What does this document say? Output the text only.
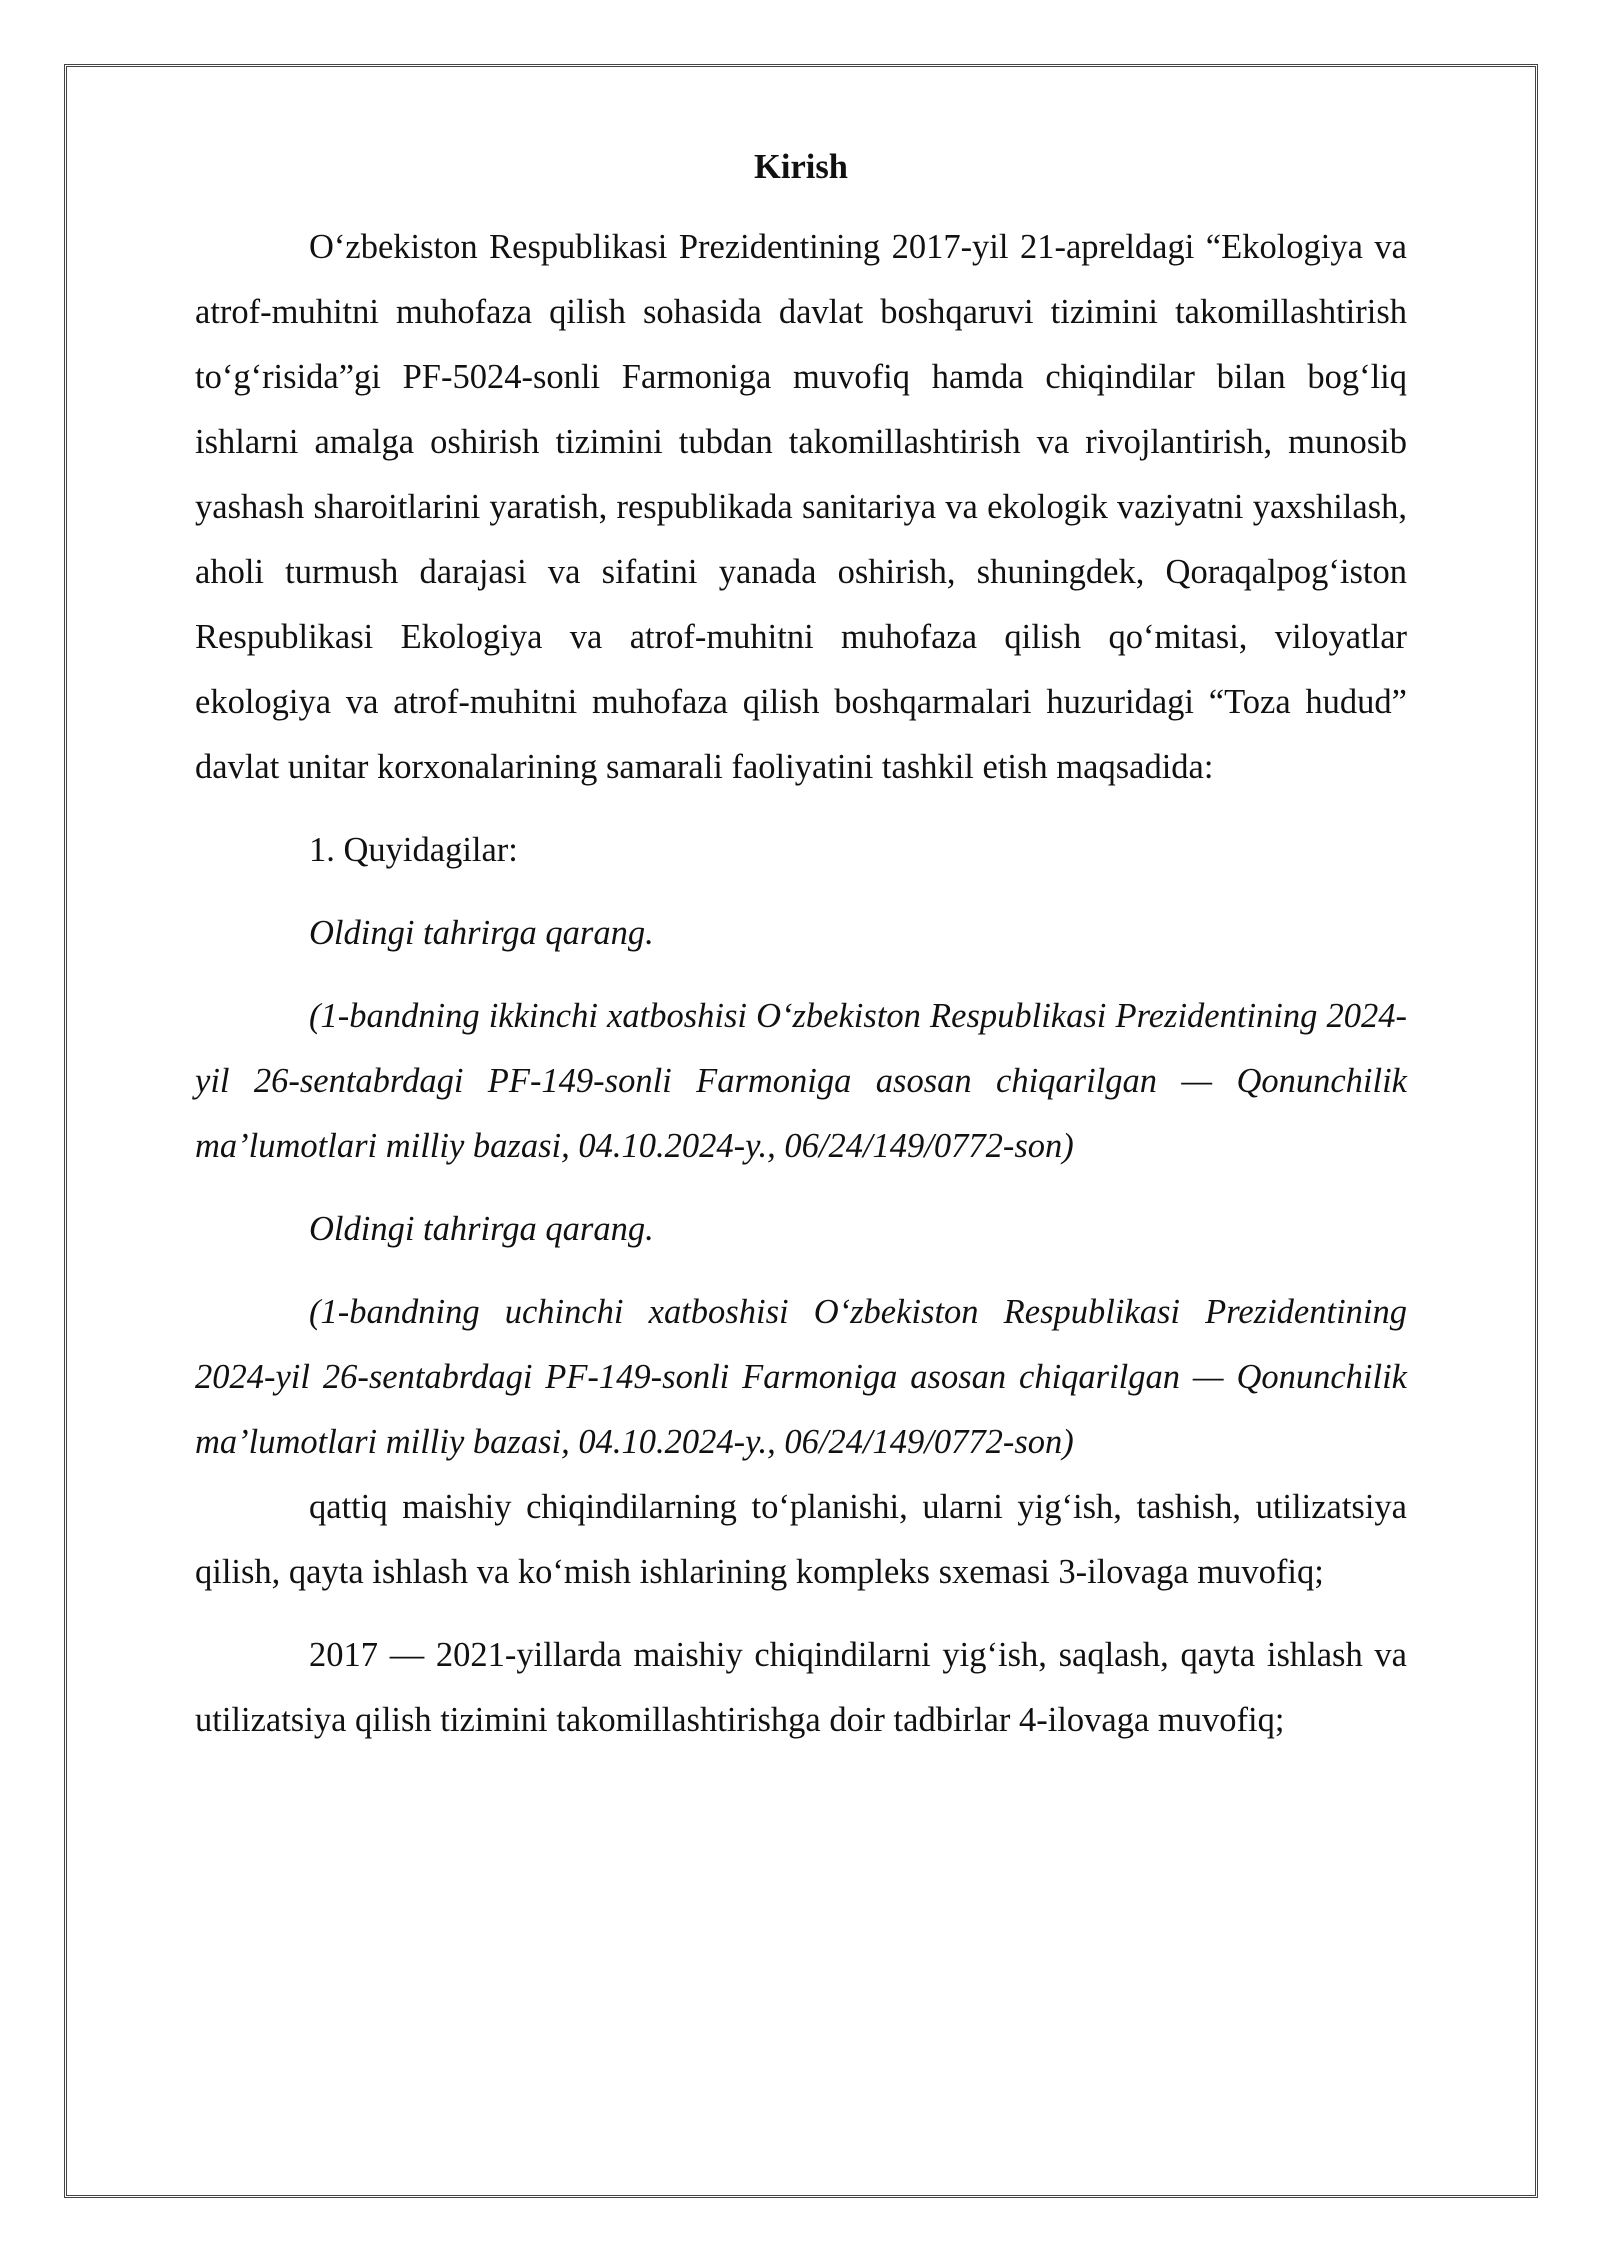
Kirish

O‘zbekiston Respublikasi Prezidentining 2017-yil 21-apreldagi “Ekologiya va atrof-muhitni muhofaza qilish sohasida davlat boshqaruvi tizimini takomillashtirish to‘g‘risida”gi PF-5024-sonli Farmoniga muvofiq hamda chiqindilar bilan bog‘liq ishlarni amalga oshirish tizimini tubdan takomillashtirish va rivojlantirish, munosib yashash sharoitlarini yaratish, respublikada sanitariya va ekologik vaziyatni yaxshilash, aholi turmush darajasi va sifatini yanada oshirish, shuningdek, Qoraqalpog‘iston Respublikasi Ekologiya va atrof-muhitni muhofaza qilish qo‘mitasi, viloyatlar ekologiya va atrof-muhitni muhofaza qilish boshqarmalari huzuridagi “Toza hudud” davlat unitar korxonalarining samarali faoliyatini tashkil etish maqsadida:

1. Quyidagilar:

Oldingi tahrirga qarang.

(1-bandning ikkinchi xatboshisi O‘zbekiston Respublikasi Prezidentining 2024-yil 26-sentabrdagi PF-149-sonli Farmoniga asosan chiqarilgan — Qonunchilik ma’lumotlari milliy bazasi, 04.10.2024-y., 06/24/149/0772-son)

Oldingi tahrirga qarang.

(1-bandning uchinchi xatboshisi O‘zbekiston Respublikasi Prezidentining 2024-yil 26-sentabrdagi PF-149-sonli Farmoniga asosan chiqarilgan — Qonunchilik ma’lumotlari milliy bazasi, 04.10.2024-y., 06/24/149/0772-son)

qattiq maishiy chiqindilarning to‘planishi, ularni yig‘ish, tashish, utilizatsiya qilish, qayta ishlash va ko‘mish ishlarining kompleks sxemasi 3-ilovaga muvofiq;

2017 — 2021-yillarda maishiy chiqindilarni yig‘ish, saqlash, qayta ishlash va utilizatsiya qilish tizimini takomillashtirishga doir tadbirlar 4-ilovaga muvofiq;
